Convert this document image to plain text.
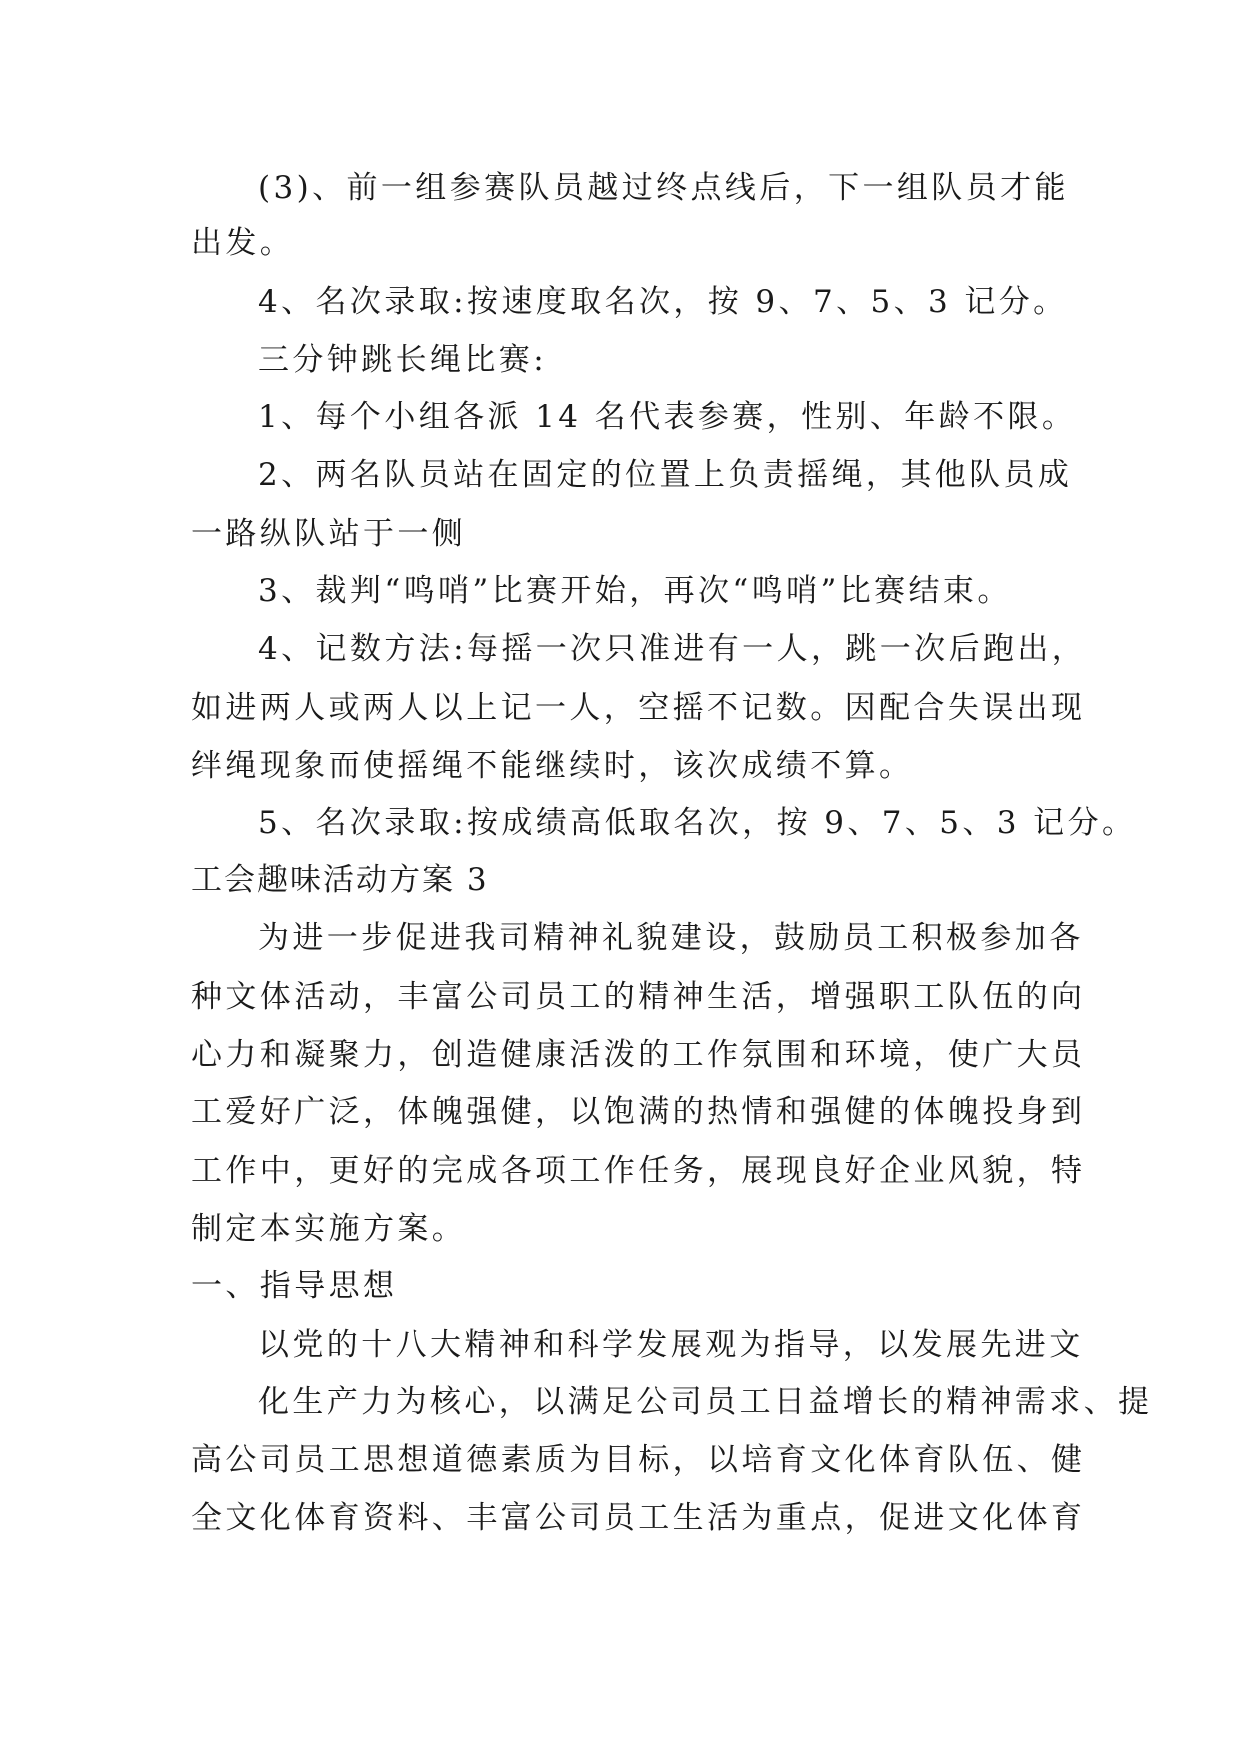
(3)、前一组参赛队员越过终点线后，下一组队员才能

出发。

4、名次录取:按速度取名次，按 9、7、5、3 记分。

三分钟跳长绳比赛:

1、每个小组各派 14 名代表参赛，性别、年龄不限。

2、两名队员站在固定的位置上负责摇绳，其他队员成

一路纵队站于一侧

3、裁判“鸣哨”比赛开始，再次“鸣哨”比赛结束。

4、记数方法:每摇一次只准进有一人，跳一次后跑出，

如进两人或两人以上记一人，空摇不记数。因配合失误出现

绊绳现象而使摇绳不能继续时，该次成绩不算。

5、名次录取:按成绩高低取名次，按 9、7、5、3 记分。

工会趣味活动方案 3

为进一步促进我司精神礼貌建设，鼓励员工积极参加各

种文体活动，丰富公司员工的精神生活，增强职工队伍的向

心力和凝聚力，创造健康活泼的工作氛围和环境，使广大员

工爱好广泛，体魄强健，以饱满的热情和强健的体魄投身到

工作中，更好的完成各项工作任务，展现良好企业风貌，特

制定本实施方案。

一、指导思想

以党的十八大精神和科学发展观为指导，以发展先进文

化生产力为核心，以满足公司员工日益增长的精神需求、提

高公司员工思想道德素质为目标，以培育文化体育队伍、健

全文化体育资料、丰富公司员工生活为重点，促进文化体育
